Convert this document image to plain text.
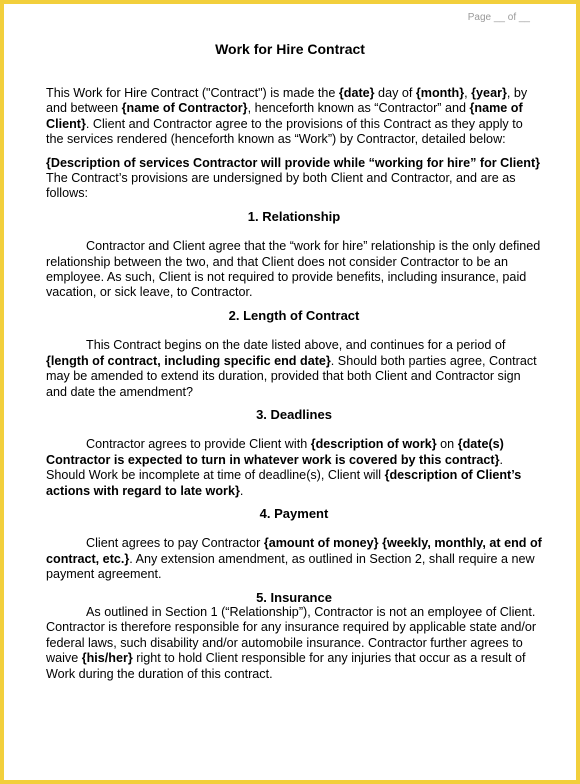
Page __ of __
Work for Hire Contract

This Work for Hire Contract ("Contract") is made the {date} day of {month}, {year}, by and between {name of Contractor}, henceforth known as “Contractor” and {name of Client}. Client and Contractor agree to the provisions of this Contract as they apply to the services rendered (henceforth known as “Work”) by Contractor, detailed below:

{Description of services Contractor will provide while “working for hire” for Client}

The Contract’s provisions are undersigned by both Client and Contractor, and are as follows:

1. Relationship

Contractor and Client agree that the “work for hire” relationship is the only defined relationship between the two, and that Client does not consider Contractor to be an employee. As such, Client is not required to provide benefits, including insurance, paid vacation, or sick leave, to Contractor.

2. Length of Contract

This Contract begins on the date listed above, and continues for a period of {length of contract, including specific end date}. Should both parties agree, Contract may be amended to extend its duration, provided that both Client and Contractor sign and date the amendment?

3. Deadlines

Contractor agrees to provide Client with {description of work} on {date(s) Contractor is expected to turn in whatever work is covered by this contract}. Should Work be incomplete at time of deadline(s), Client will {description of Client’s actions with regard to late work}.

4. Payment

Client agrees to pay Contractor {amount of money} {weekly, monthly, at end of contract, etc.}. Any extension amendment, as outlined in Section 2, shall require a new payment agreement.

5. Insurance

As outlined in Section 1 (“Relationship”), Contractor is not an employee of Client. Contractor is therefore responsible for any insurance required by applicable state and/or federal laws, such disability and/or automobile insurance. Contractor further agrees to waive {his/her} right to hold Client responsible for any injuries that occur as a result of Work during the duration of this contract.
